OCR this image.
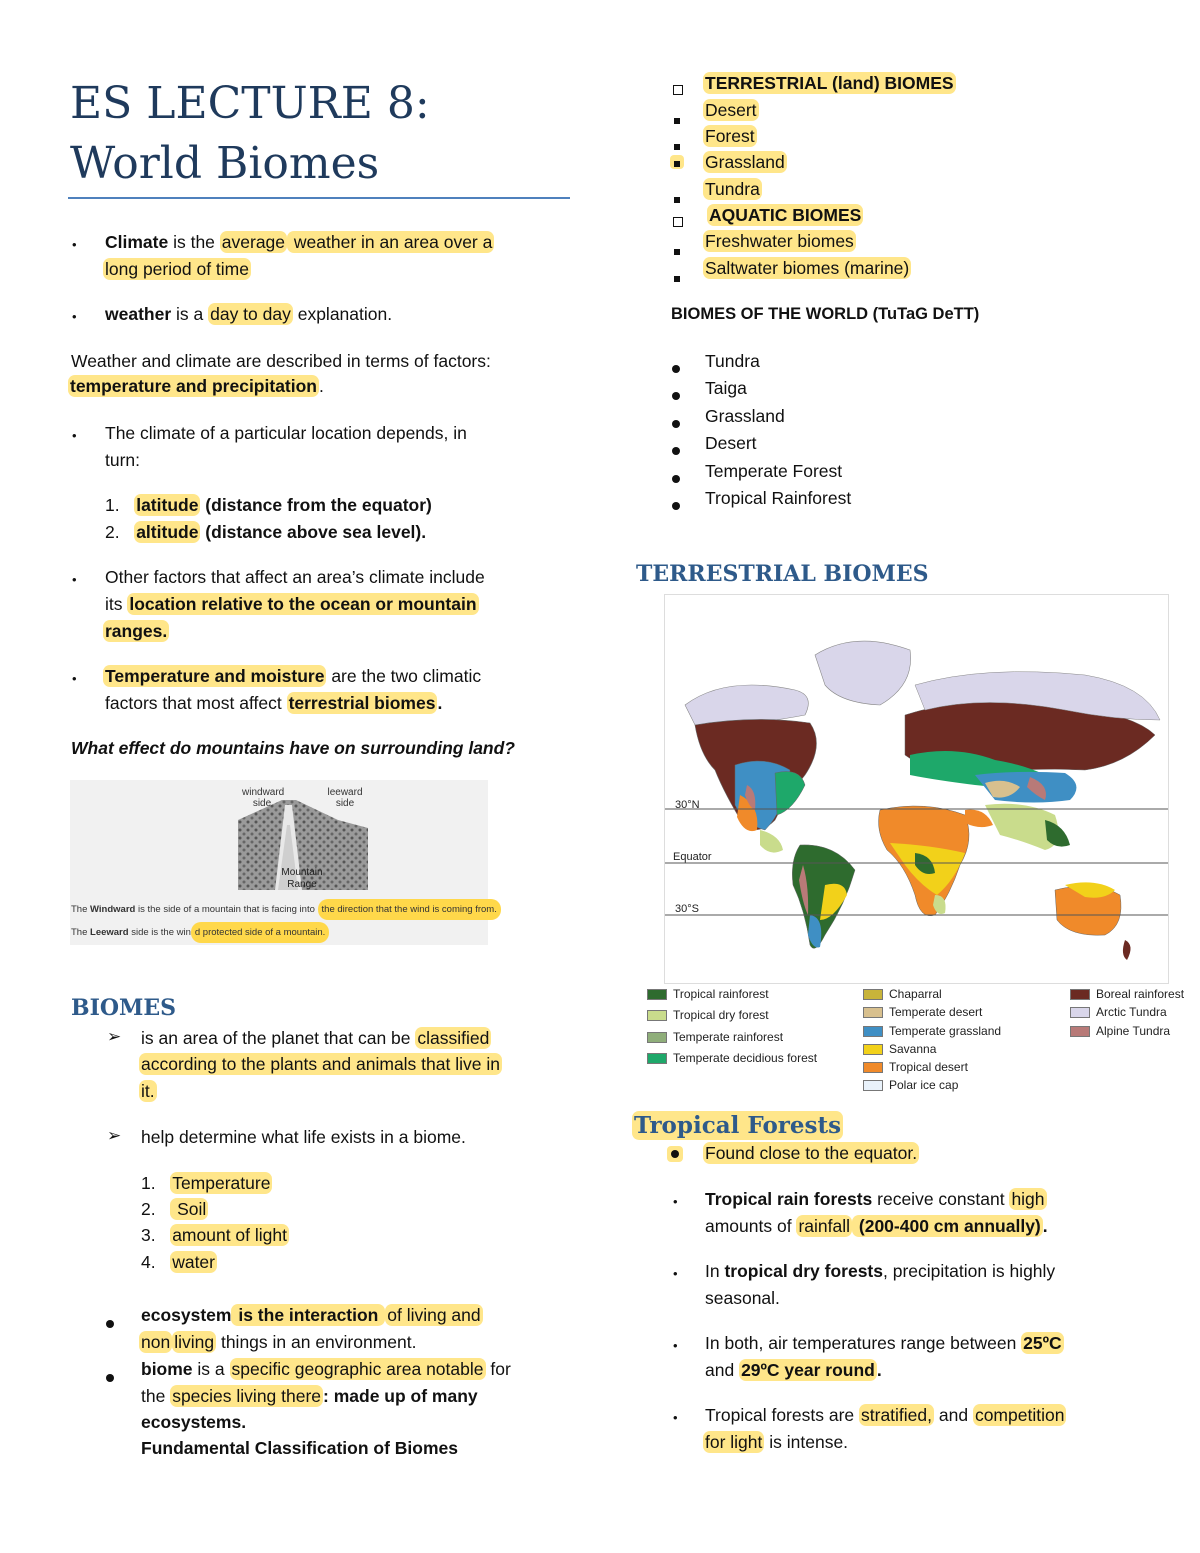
ES LECTURE 8:
World Biomes
• Climate is the average weather in an area over a
long period of time
• weather is a day to day explanation.
Weather and climate are described in terms of factors:
temperature and precipitation .
• The climate of a particular location depends, in
turn:
1. latitude (distance from the equator)
2. altitude (distance above sea level).
• Other factors that affect an area’s climate include
its location relative to the ocean or mountain
ranges.
• Temperature and moisture are the two climatic
factors that most affect terrestrial biomes .
What effect do mountains have on surrounding land?
windward side
leeward side
Mountain Range
The Windward is the side of a mountain that is facing into the direction that the wind is coming from.
The Leeward side is the win d protected side of a mountain.
BIOMES
➢ is an area of the planet that can be classified
according to the plants and animals that live in
it.
➢ help determine what life exists in a biome.
1. Temperature
2.    Soil
3. amount of light
4. water
ecosystem is the interaction of living and
non living things in an environment.
biome is a specific geographic area notable for
the species living there : made up of many
ecosystems.
Fundamental Classification of Biomes
TERRESTRIAL (land) BIOMES
Desert
Forest
Grassland
Tundra
AQUATIC BIOMES
Freshwater biomes
Saltwater biomes (marine)
BIOMES OF THE WORLD (TuTaG DeTT)
Tundra
Taiga
Grassland
Desert
Temperate Forest
Tropical Rainforest
TERRESTRIAL BIOMES
30°N
Equator
30°S
Tropical rainforest
Tropical dry forest
Temperate rainforest
Temperate decidious forest
Chaparral
Temperate desert
Temperate grassland
Savanna
Tropical desert
Polar ice cap
Boreal rainforest
Arctic Tundra
Alpine Tundra
Tropical Forests
Found close to the equator.
• Tropical rain forests receive constant high
amounts of rainfall (200-400 cm annually) .
• In tropical dry forests, precipitation is highly
seasonal.
• In both, air temperatures range between 25ºC
and 29ºC year round .
• Tropical forests are stratified, and competition
for light is intense.
